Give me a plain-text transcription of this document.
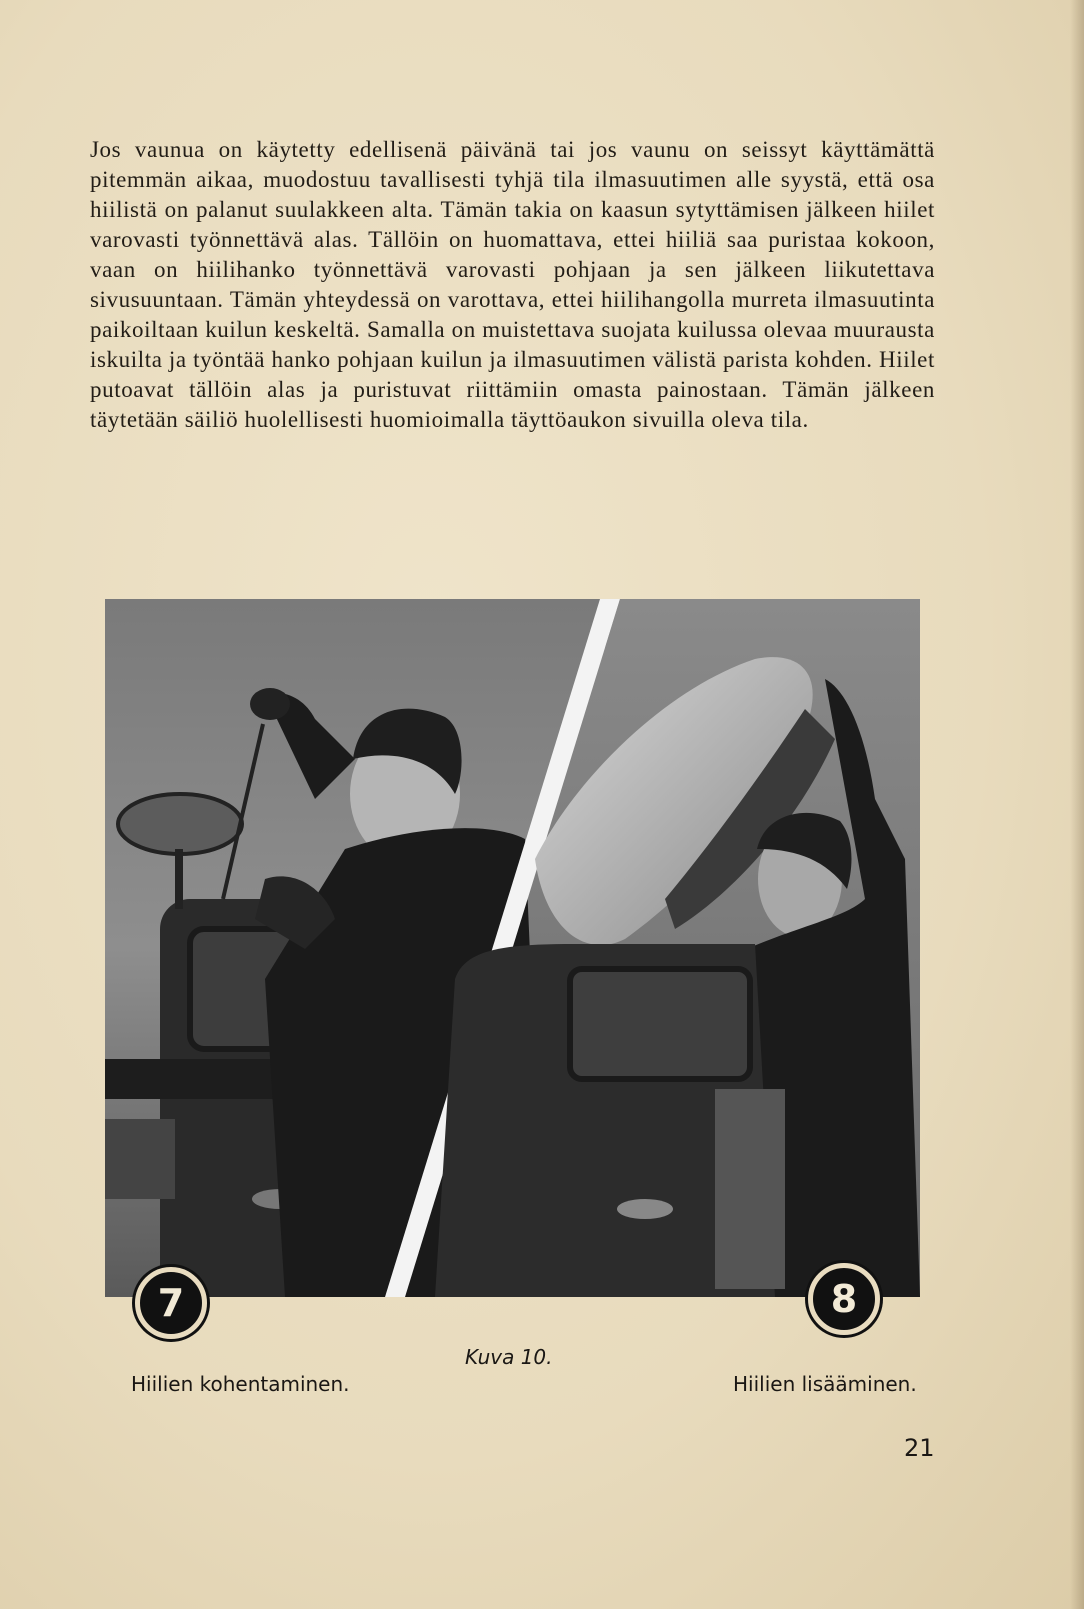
Jos vaunua on käytetty edellisenä päivänä tai jos vaunu on seissyt käyttämättä pitemmän aikaa, muodostuu tavallisesti tyhjä tila ilmasuutimen alle syystä, että osa hiilistä on palanut suulakkeen alta. Tämän takia on kaasun sytyttämisen jälkeen hiilet varovasti työnnettävä alas. Tällöin on huomattava, ettei hiiliä saa puristaa kokoon, vaan on hiilihanko työnnettävä varovasti pohjaan ja sen jälkeen liikutettava sivusuuntaan. Tämän yhteydessä on varottava, ettei hiilihangolla murreta ilmasuutinta paikoiltaan kuilun keskeltä. Samalla on muistettava suojata kuilussa olevaa muurausta iskuilta ja työntää hanko pohjaan kuilun ja ilmasuutimen välistä parista kohden. Hiilet putoavat tällöin alas ja puristuvat riittämiin omasta painostaan. Tämän jälkeen täytetään säiliö huolellisesti huomioimalla täyttöaukon sivuilla oleva tila.

7	8
Kuva 10.
Hiilien kohentaminen.	Hiilien lisääminen.
21
